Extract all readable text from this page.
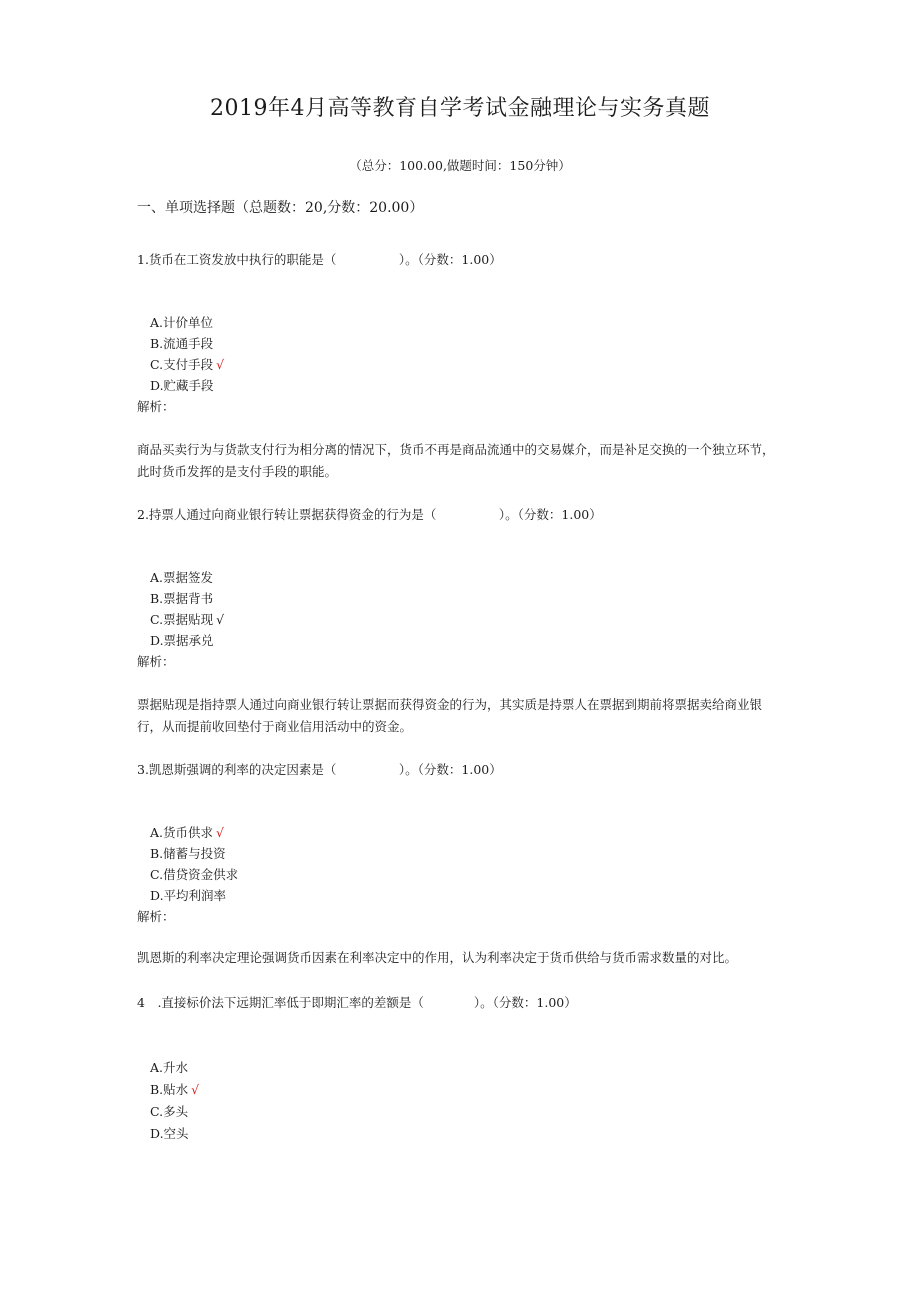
2019年4月高等教育自学考试金融理论与实务真题
（总分：100.00,做题时间：150分钟）
一、单项选择题（总题数：20,分数：20.00）
1.货币在工资发放中执行的职能是（　　　　　）。（分数：1.00）
A.计价单位
B.流通手段
C.支付手段 √
D.贮藏手段
解析：
商品买卖行为与货款支付行为相分离的情况下，货币不再是商品流通中的交易媒介，而是补足交换的一个独立环节，此时货币发挥的是支付手段的职能。
2.持票人通过向商业银行转让票据获得资金的行为是（　　　　　）。（分数：1.00）
A.票据签发
B.票据背书
C.票据贴现 √
D.票据承兑
解析：
票据贴现是指持票人通过向商业银行转让票据而获得资金的行为，其实质是持票人在票据到期前将票据卖给商业银行，从而提前收回垫付于商业信用活动中的资金。
3.凯恩斯强调的利率的决定因素是（　　　　　）。（分数：1.00）
A.货币供求 √
B.储蓄与投资
C.借贷资金供求
D.平均利润率
解析：
凯恩斯的利率决定理论强调货币因素在利率决定中的作用，认为利率决定于货币供给与货币需求数量的对比。
4　.直接标价法下远期汇率低于即期汇率的差额是（　　　　）。（分数：1.00）
A.升水
B.贴水 √
C.多头
D.空头
